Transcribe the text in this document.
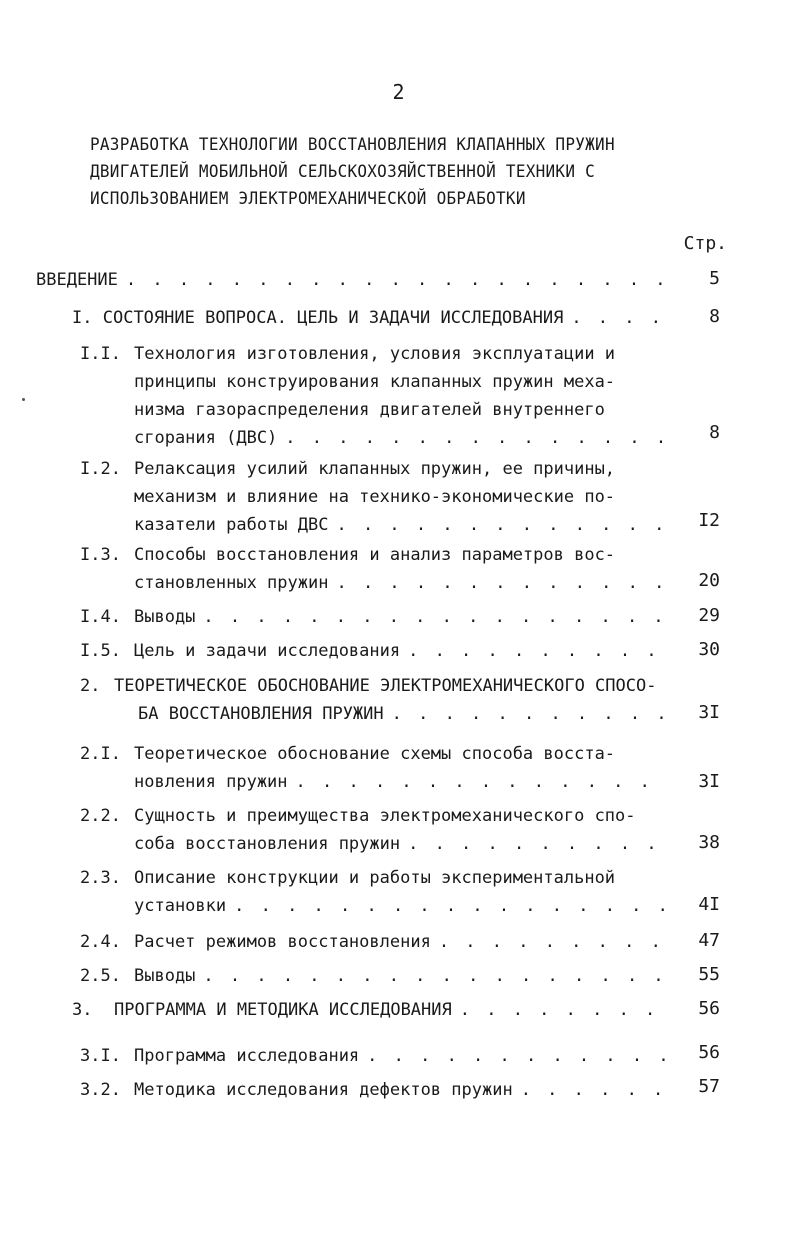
2
РАЗРАБОТКА ТЕХНОЛОГИИ ВОССТАНОВЛЕНИЯ КЛАПАННЫХ ПРУЖИН
ДВИГАТЕЛЕЙ МОБИЛЬНОЙ СЕЛЬСКОХОЗЯЙСТВЕННОЙ ТЕХНИКИ С
ИСПОЛЬЗОВАНИЕМ ЭЛЕКТРОМЕХАНИЧЕСКОЙ ОБРАБОТКИ
Стр.
ВВЕДЕНИЕ . . .	5
I. СОСТОЯНИЕ ВОПРОСА. ЦЕЛЬ И ЗАДАЧИ ИССЛЕДОВАНИЯ . . .	8
I.I. Технология изготовления, условия эксплуатации и
принципы конструирования клапанных пружин меха-
низма газораспределения двигателей внутреннего
сгорания (ДВС) . . .	8
I.2. Релаксация усилий клапанных пружин, ее причины,
механизм и влияние на технико-экономические по-
казатели работы ДВС . . .	I2
I.3. Способы восстановления и анализ параметров вос-
становленных пружин . . .	20
I.4. Выводы . . .	29
I.5. Цель и задачи исследования . . .	30
2. ТЕОРЕТИЧЕСКОЕ ОБОСНОВАНИЕ ЭЛЕКТРОМЕХАНИЧЕСКОГО СПОСО-
БА ВОССТАНОВЛЕНИЯ ПРУЖИН . . .	3I
2.I. Теоретическое обоснование схемы способа восста-
новления пружин . . .	3I
2.2. Сущность и преимущества электромеханического спо-
соба восстановления пружин . . .	38
2.3. Описание конструкции и работы экспериментальной
установки . . .	4I
2.4. Расчет режимов восстановления . . .	47
2.5. Выводы . . .	55
3. ПРОГРАММА И МЕТОДИКА ИССЛЕДОВАНИЯ . . .	56
3.I. Программа исследования . . .	56
3.2. Методика исследования дефектов пружин . . .	57
